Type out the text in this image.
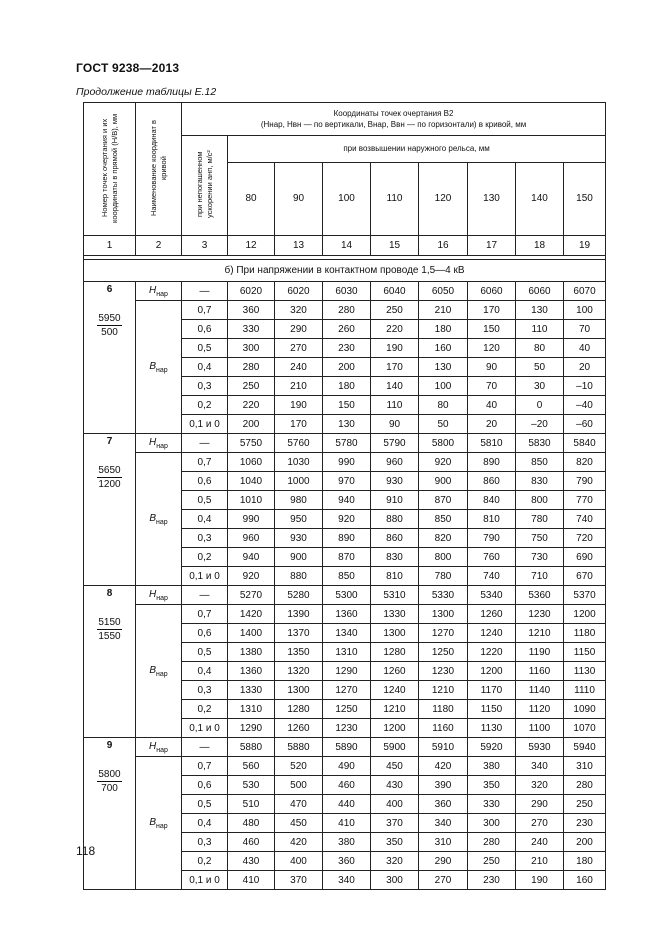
ГОСТ 9238—2013
Продолжение таблицы Е.12
Номер точек очертания и их координаты в прямой (H/B), мм	Наименование координат в кривой	Координаты точек очертания В2
(Hнар, Hвн — по вертикали, Bнар, Bвн — по горизонтали) в кривой, мм								

		при непогашенном ускорении aнп, м/с²	при возвышении наружного рельса, мм							
			80	90	100	110	120	130	140	150
1	2	3	12	13	14	15	16	17	18	19

б) При напряжении в контактном проводе 1,5—4 кВ										

6
$\frac{5950}{500}$	$H_{нар}$	—	6020	6020	6030	6040	6050	6060	6060	6070
	$B_{нар}$	0,7	360	320	280	250	210	170	130	100
		0,6	330	290	260	220	180	150	110	70
		0,5	300	270	230	190	160	120	80	40
		0,4	280	240	200	170	130	90	50	20
		0,3	250	210	180	140	100	70	30	–10
		0,2	220	190	150	110	80	40	0	–40
		0,1 и 0	200	170	130	90	50	20	–20	–60

7
$\frac{5650}{1200}$	$H_{нар}$	—	5750	5760	5780	5790	5800	5810	5830	5840
	$B_{нар}$	0,7	1060	1030	990	960	920	890	850	820
		0,6	1040	1000	970	930	900	860	830	790
		0,5	1010	980	940	910	870	840	800	770
		0,4	990	950	920	880	850	810	780	740
		0,3	960	930	890	860	820	790	750	720
		0,2	940	900	870	830	800	760	730	690
		0,1 и 0	920	880	850	810	780	740	710	670

8
$\frac{5150}{1550}$	$H_{нар}$	—	5270	5280	5300	5310	5330	5340	5360	5370
	$B_{нар}$	0,7	1420	1390	1360	1330	1300	1260	1230	1200
		0,6	1400	1370	1340	1300	1270	1240	1210	1180
		0,5	1380	1350	1310	1280	1250	1220	1190	1150
		0,4	1360	1320	1290	1260	1230	1200	1160	1130
		0,3	1330	1300	1270	1240	1210	1170	1140	1110
		0,2	1310	1280	1250	1210	1180	1150	1120	1090
		0,1 и 0	1290	1260	1230	1200	1160	1130	1100	1070

9
$\frac{5800}{700}$	$H_{нар}$	—	5880	5880	5890	5900	5910	5920	5930	5940
	$B_{нар}$	0,7	560	520	490	450	420	380	340	310
		0,6	530	500	460	430	390	350	320	280
		0,5	510	470	440	400	360	330	290	250
		0,4	480	450	410	370	340	300	270	230
		0,3	460	420	380	350	310	280	240	200
		0,2	430	400	360	320	290	250	210	180
		0,1 и 0	410	370	340	300	270	230	190	160
118
